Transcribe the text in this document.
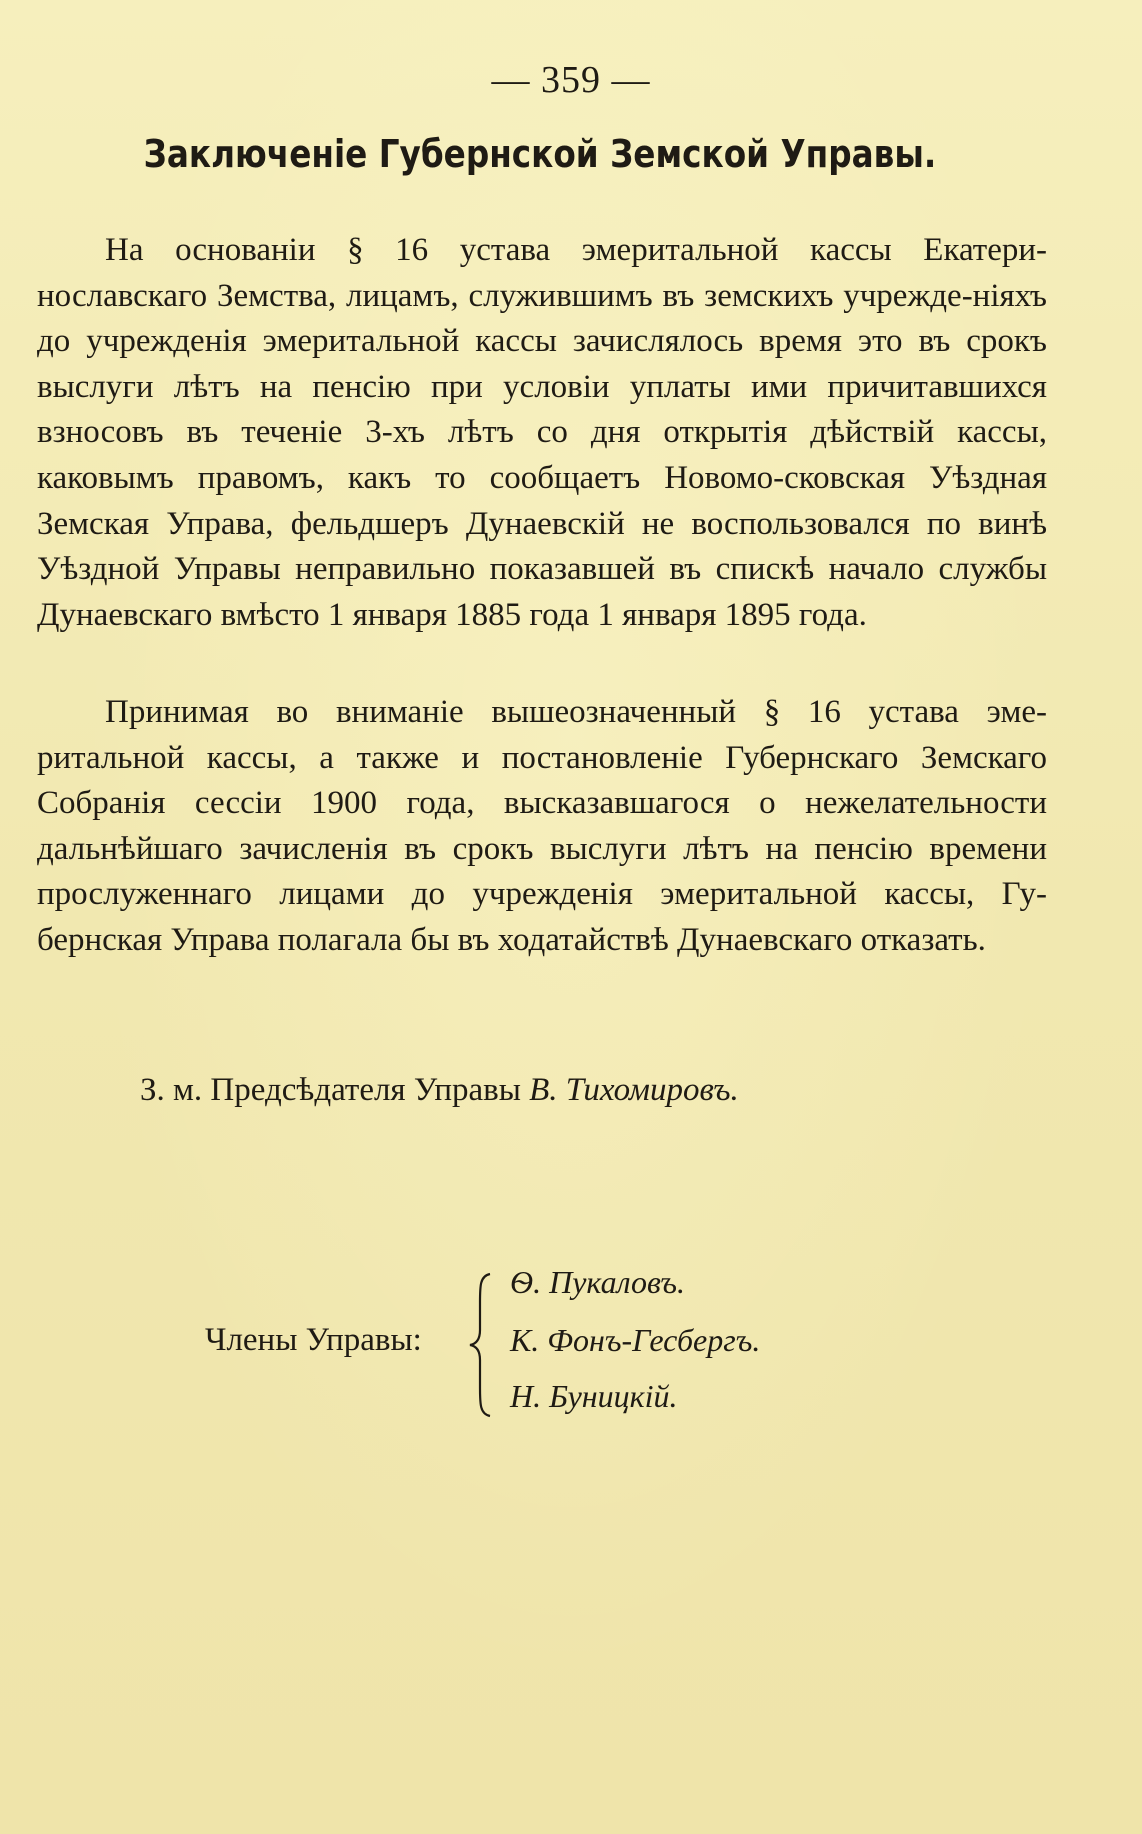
— 359 —
Заключеніе Губернской Земской Управы.
На основаніи § 16 устава эмеритальной кассы Екатери-нославскаго Земства, лицамъ, служившимъ въ земскихъ учрежде-ніяхъ до учрежденія эмеритальной кассы зачислялось время это въ срокъ выслуги лѣтъ на пенсію при условіи уплаты ими причитавшихся взносовъ въ теченіе 3-хъ лѣтъ со дня открытія дѣйствій кассы, каковымъ правомъ, какъ то сообщаетъ Новомо-сковская Уѣздная Земская Управа, фельдшеръ Дунаевскій не воспользовался по винѣ Уѣздной Управы неправильно показавшей въ спискѣ начало службы Дунаевскаго вмѣсто 1 января 1885 года 1 января 1895 года.
Принимая во вниманіе вышеозначенный § 16 устава эме-ритальной кассы, а также и постановленіе Губернскаго Земскаго Собранія сессіи 1900 года, высказавшагося о нежелательности дальнѣйшаго зачисленія въ срокъ выслуги лѣтъ на пенсію времени прослуженнаго лицами до учрежденія эмеритальной кассы, Гу-бернская Управа полагала бы въ ходатайствѣ Дунаевскаго отказать.
З. м. Предсѣдателя Управы В. Тихомировъ.
Члены Управы:
Ѳ. Пукаловъ.
К. Фонъ-Гесбергъ.
Н. Буницкій.
